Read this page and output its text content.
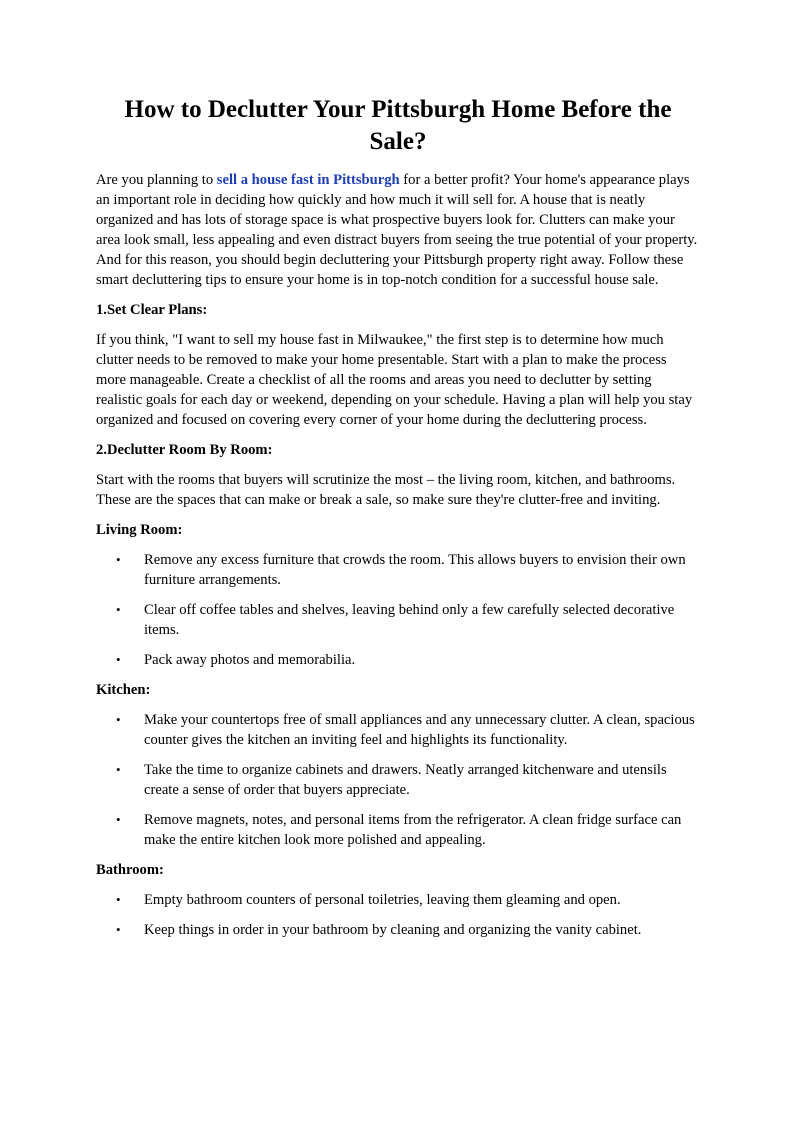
How to Declutter Your Pittsburgh Home Before the Sale?

Are you planning to sell a house fast in Pittsburgh for a better profit? Your home's appearance plays an important role in deciding how quickly and how much it will sell for. A house that is neatly organized and has lots of storage space is what prospective buyers look for. Clutters can make your area look small, less appealing and even distract buyers from seeing the true potential of your property. And for this reason, you should begin decluttering your Pittsburgh property right away. Follow these smart decluttering tips to ensure your home is in top-notch condition for a successful house sale.

1.Set Clear Plans:

If you think, "I want to sell my house fast in Milwaukee," the first step is to determine how much clutter needs to be removed to make your home presentable. Start with a plan to make the process more manageable. Create a checklist of all the rooms and areas you need to declutter by setting realistic goals for each day or weekend, depending on your schedule. Having a plan will help you stay organized and focused on covering every corner of your home during the decluttering process.

2.Declutter Room By Room:

Start with the rooms that buyers will scrutinize the most – the living room, kitchen, and bathrooms. These are the spaces that can make or break a sale, so make sure they're clutter-free and inviting.

Living Room:
• Remove any excess furniture that crowds the room. This allows buyers to envision their own furniture arrangements.
• Clear off coffee tables and shelves, leaving behind only a few carefully selected decorative items.
• Pack away photos and memorabilia.
Kitchen:
• Make your countertops free of small appliances and any unnecessary clutter. A clean, spacious counter gives the kitchen an inviting feel and highlights its functionality.
• Take the time to organize cabinets and drawers. Neatly arranged kitchenware and utensils create a sense of order that buyers appreciate.
• Remove magnets, notes, and personal items from the refrigerator. A clean fridge surface can make the entire kitchen look more polished and appealing.
Bathroom:
• Empty bathroom counters of personal toiletries, leaving them gleaming and open.
• Keep things in order in your bathroom by cleaning and organizing the vanity cabinet.
